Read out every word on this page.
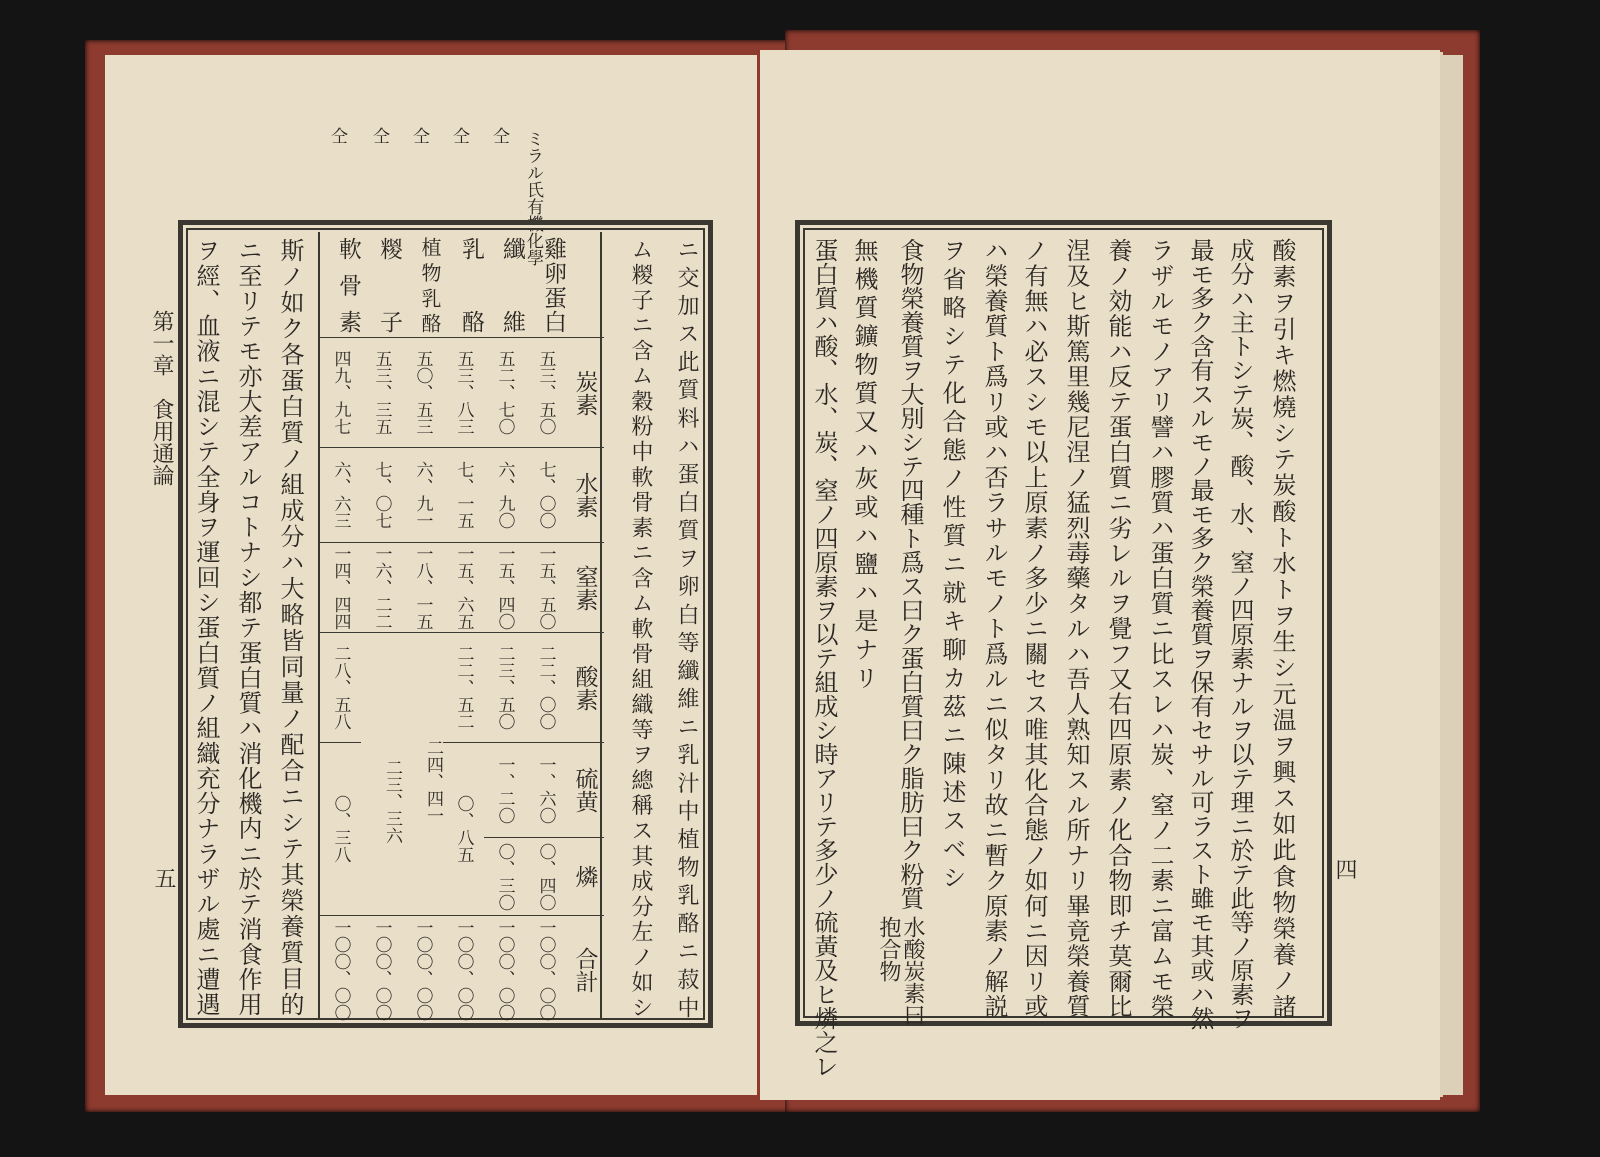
ミラル氏有機化學
仝
仝
仝
仝
仝
第一章　食用通論
五	ニ交加ス此質料ハ蛋白質ヲ卵白等纖維ニ乳汁中植物乳酪ニ菽中
ム糉子ニ含ム穀粉中軟骨素ニ含ム軟骨組織等ヲ總稱ス其成分左ノ如シ
斯ノ如ク各蛋白質ノ組成分ハ大略皆同量ノ配合ニシテ其榮養質目的
ニ至リテモ亦大差アルコトナシ都テ蛋白質ハ消化機内ニ於テ消食作用
ヲ經、血液ニ混シテ全身ヲ運回シ蛋白質ノ組織充分ナラザル處ニ遭遇	軟骨素 糉子 植物乳酪 乳酪 纖維 雞卵蛋白
炭素
水素
窒素
酸素
硫黄
燐
合計
五三、五〇
七、〇〇
一五、五〇
二二、〇〇
一、六〇
〇、四〇
一〇〇、〇〇
五二、七〇
六、九〇
一五、四〇
二三、五〇
一、二〇
〇、三〇
一〇〇、〇〇
五三、八三
七、一五
一五、六五
二二、五二
〇、八五
一〇〇、〇〇
五〇、五三
六、九一
一八、一五
二四、四一
一〇〇、〇〇
五三、三五
七、〇七
一六、二二
二三、三六
一〇〇、〇〇
四九、九七
六、六三
一四、四四
二八、五八
〇、三八
一〇〇、〇〇
四
酸素ヲ引キ燃燒シテ炭酸ト水トヲ生シ元温ヲ興ス如此食物榮養ノ諸
成分ハ主トシテ炭、酸、水、窒ノ四原素ナルヲ以テ理ニ於テ此等ノ原素ヲ
最モ多ク含有スルモノ最モ多ク榮養質ヲ保有セサル可ラスト雖モ其或ハ然
ラザルモノアリ譬ハ膠質ハ蛋白質ニ比スレハ炭、窒ノ二素ニ富ムモ榮
養ノ効能ハ反テ蛋白質ニ劣レルヲ覺フ又右四原素ノ化合物即チ莫爾比
涅及ヒ斯篤里幾尼涅ノ猛烈毒藥タルハ吾人熟知スル所ナリ畢竟榮養質
ノ有無ハ必スシモ以上原素ノ多少ニ關セス唯其化合態ノ如何ニ因リ或
ハ榮養質ト爲リ或ハ否ラサルモノト爲ルニ似タリ故ニ暫ク原素ノ解説
ヲ省略シテ化合態ノ性質ニ就キ聊カ茲ニ陳述スベシ
食物榮養質ヲ大別シテ四種ト爲ス曰ク蛋白質曰ク脂肪曰ク粉質
水酸炭素曰
抱合物
無機質鑛物質又ハ灰或ハ鹽ハ是ナリ
蛋白質ハ酸、水、炭、窒ノ四原素ヲ以テ組成シ時アリテ多少ノ硫黃及ヒ燐之レ
